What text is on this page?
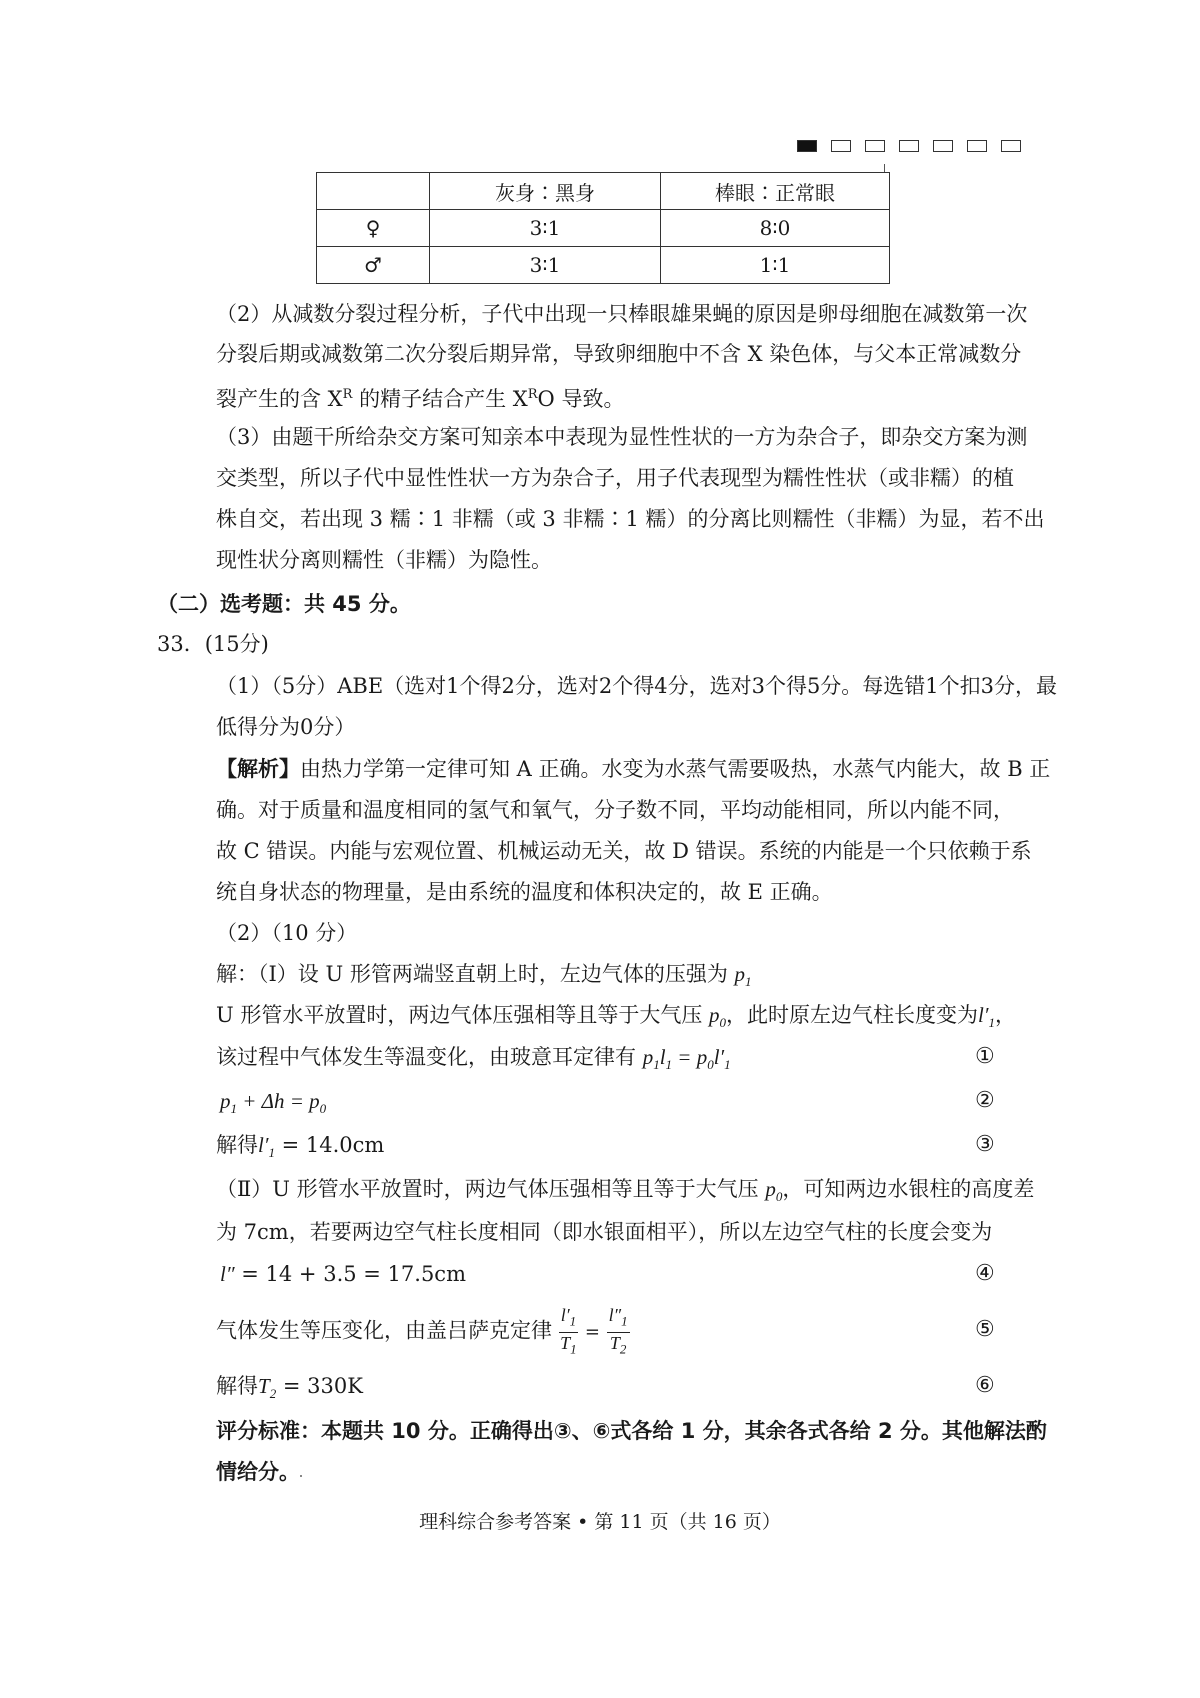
	灰身∶黑身	棒眼∶正常眼
♀	3∶1	8∶0
♂	3∶1	1∶1
（2）从减数分裂过程分析，子代中出现一只棒眼雄果蝇的原因是卵母细胞在减数第一次
分裂后期或减数第二次分裂后期异常，导致卵细胞中不含 X 染色体，与父本正常减数分
裂产生的含 $X^R$ 的精子结合产生 $X^RO$ 导致。
（3）由题干所给杂交方案可知亲本中表现为显性性状的一方为杂合子，即杂交方案为测
交类型，所以子代中显性性状一方为杂合子，用子代表现型为糯性性状（或非糯）的植
株自交，若出现 3 糯∶1 非糯（或 3 非糯∶1 糯）的分离比则糯性（非糯）为显，若不出
现性状分离则糯性（非糯）为隐性。
（二）选考题：共 45 分。
33．(15分)
（1）（5分）ABE（选对1个得2分，选对2个得4分，选对3个得5分。每选错1个扣3分，最
低得分为0分）
【解析】由热力学第一定律可知 A 正确。水变为水蒸气需要吸热，水蒸气内能大，故 B 正
确。对于质量和温度相同的氢气和氧气，分子数不同，平均动能相同，所以内能不同，
故 C 错误。内能与宏观位置、机械运动无关，故 D 错误。系统的内能是一个只依赖于系
统自身状态的物理量，是由系统的温度和体积决定的，故 E 正确。
（2）（10 分）
解：（Ⅰ）设 U 形管两端竖直朝上时，左边气体的压强为 $p_1$
U 形管水平放置时，两边气体压强相等且等于大气压 $p_0$，此时原左边气柱长度变为$l'_1$，
该过程中气体发生等温变化，由玻意耳定律有 $p_1l_1 = p_0l'_1$	①
$p_1 + \Delta h = p_0$	②
解得$l'_1 = 14.0cm$	③
（Ⅱ）U 形管水平放置时，两边气体压强相等且等于大气压 $p_0$，可知两边水银柱的高度差
为 7cm，若要两边空气柱长度相同（即水银面相平），所以左边空气柱的长度会变为
l″ = 14 + 3.5 = 17.5cm	④
气体发生等压变化，由盖吕萨克定律 $\frac{l'_1}{T_1} = \frac{l''_1}{T_2}$	⑤
解得$T_2 = 330K$	⑥
评分标准：本题共 10 分。正确得出③、⑥式各给 1 分，其余各式各给 2 分。其他解法酌
情给分。
理科综合参考答案 • 第 11 页（共 16 页）
